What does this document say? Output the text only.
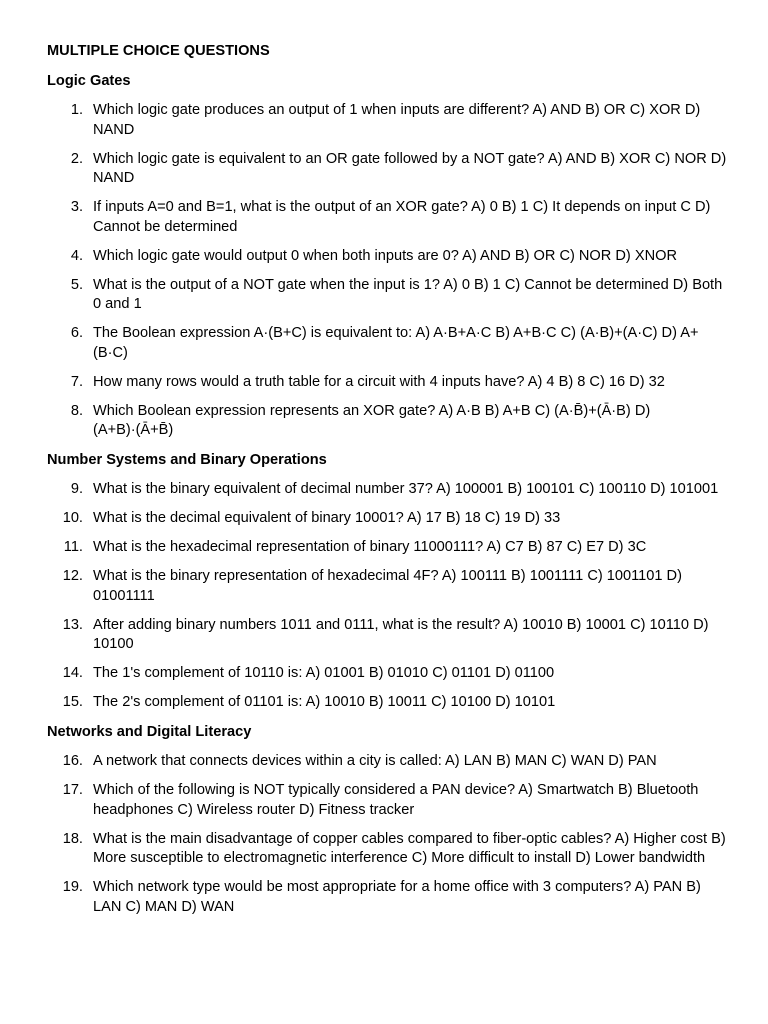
MULTIPLE CHOICE QUESTIONS
Logic Gates
1. Which logic gate produces an output of 1 when inputs are different? A) AND B) OR C) XOR D) NAND
2. Which logic gate is equivalent to an OR gate followed by a NOT gate? A) AND B) XOR C) NOR D) NAND
3. If inputs A=0 and B=1, what is the output of an XOR gate? A) 0 B) 1 C) It depends on input C D) Cannot be determined
4. Which logic gate would output 0 when both inputs are 0? A) AND B) OR C) NOR D) XNOR
5. What is the output of a NOT gate when the input is 1? A) 0 B) 1 C) Cannot be determined D) Both 0 and 1
6. The Boolean expression A·(B+C) is equivalent to: A) A·B+A·C B) A+B·C C) (A·B)+(A·C) D) A+(B·C)
7. How many rows would a truth table for a circuit with 4 inputs have? A) 4 B) 8 C) 16 D) 32
8. Which Boolean expression represents an XOR gate? A) A·B B) A+B C) (A·B̄)+(Ā·B) D) (A+B)·(Ā+B̄)
Number Systems and Binary Operations
9. What is the binary equivalent of decimal number 37? A) 100001 B) 100101 C) 100110 D) 101001
10. What is the decimal equivalent of binary 10001? A) 17 B) 18 C) 19 D) 33
11. What is the hexadecimal representation of binary 11000111? A) C7 B) 87 C) E7 D) 3C
12. What is the binary representation of hexadecimal 4F? A) 100111 B) 1001111 C) 1001101 D) 01001111
13. After adding binary numbers 1011 and 0111, what is the result? A) 10010 B) 10001 C) 10110 D) 10100
14. The 1's complement of 10110 is: A) 01001 B) 01010 C) 01101 D) 01100
15. The 2's complement of 01101 is: A) 10010 B) 10011 C) 10100 D) 10101
Networks and Digital Literacy
16. A network that connects devices within a city is called: A) LAN B) MAN C) WAN D) PAN
17. Which of the following is NOT typically considered a PAN device? A) Smartwatch B) Bluetooth headphones C) Wireless router D) Fitness tracker
18. What is the main disadvantage of copper cables compared to fiber-optic cables? A) Higher cost B) More susceptible to electromagnetic interference C) More difficult to install D) Lower bandwidth
19. Which network type would be most appropriate for a home office with 3 computers? A) PAN B) LAN C) MAN D) WAN
